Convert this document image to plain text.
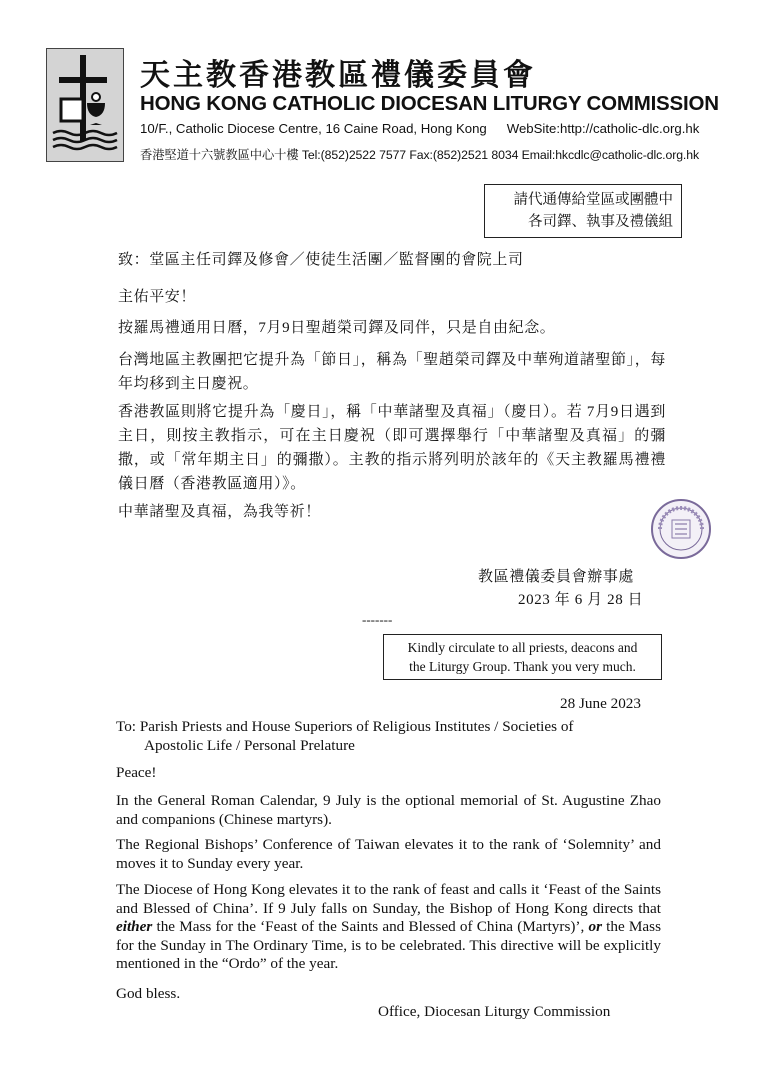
天主教香港教區禮儀委員會
HONG KONG CATHOLIC DIOCESAN LITURGY COMMISSION
10/F., Catholic Diocese Centre, 16 Caine Road, Hong Kong WebSite:http://catholic-dlc.org.hk
香港堅道十六號教區中心十樓 Tel:(852)2522 7577 Fax:(852)2521 8034 Email:hkcdlc@catholic-dlc.org.hk
請代通傳給堂區或團體中
各司鐸、執事及禮儀組
致：堂區主任司鐸及修會／使徒生活團／監督團的會院上司
主佑平安！
按羅馬禮通用日曆，7月9日聖趙榮司鐸及同伴，只是自由紀念。
台灣地區主教團把它提升為「節日」，稱為「聖趙榮司鐸及中華殉道諸聖節」，每年均移到主日慶祝。
香港教區則將它提升為「慶日」，稱「中華諸聖及真福」（慶日）。若 7月9日遇到主日，則按主教指示，可在主日慶祝（即可選擇舉行「中華諸聖及真福」的彌撒，或「常年期主日」的彌撒）。主教的指示將列明於該年的《天主教羅馬禮禮儀日曆（香港教區適用）》。
中華諸聖及真福，為我等祈！
教區禮儀委員會辦事處
2023 年 6 月 28 日
-------
Kindly circulate to all priests, deacons and
the Liturgy Group. Thank you very much.
28 June 2023
To: Parish Priests and House Superiors of Religious Institutes / Societies of
Apostolic Life / Personal Prelature
Peace!
In the General Roman Calendar, 9 July is the optional memorial of St. Augustine Zhao and companions (Chinese martyrs).
The Regional Bishops’ Conference of Taiwan elevates it to the rank of ‘Solemnity’ and moves it to Sunday every year.
The Diocese of Hong Kong elevates it to the rank of feast and calls it ‘Feast of the Saints and Blessed of China’. If 9 July falls on Sunday, the Bishop of Hong Kong directs that either the Mass for the ‘Feast of the Saints and Blessed of China (Martyrs)’, or the Mass for the Sunday in The Ordinary Time, is to be celebrated. This directive will be explicitly mentioned in the “Ordo” of the year.
God bless.
Office, Diocesan Liturgy Commission
